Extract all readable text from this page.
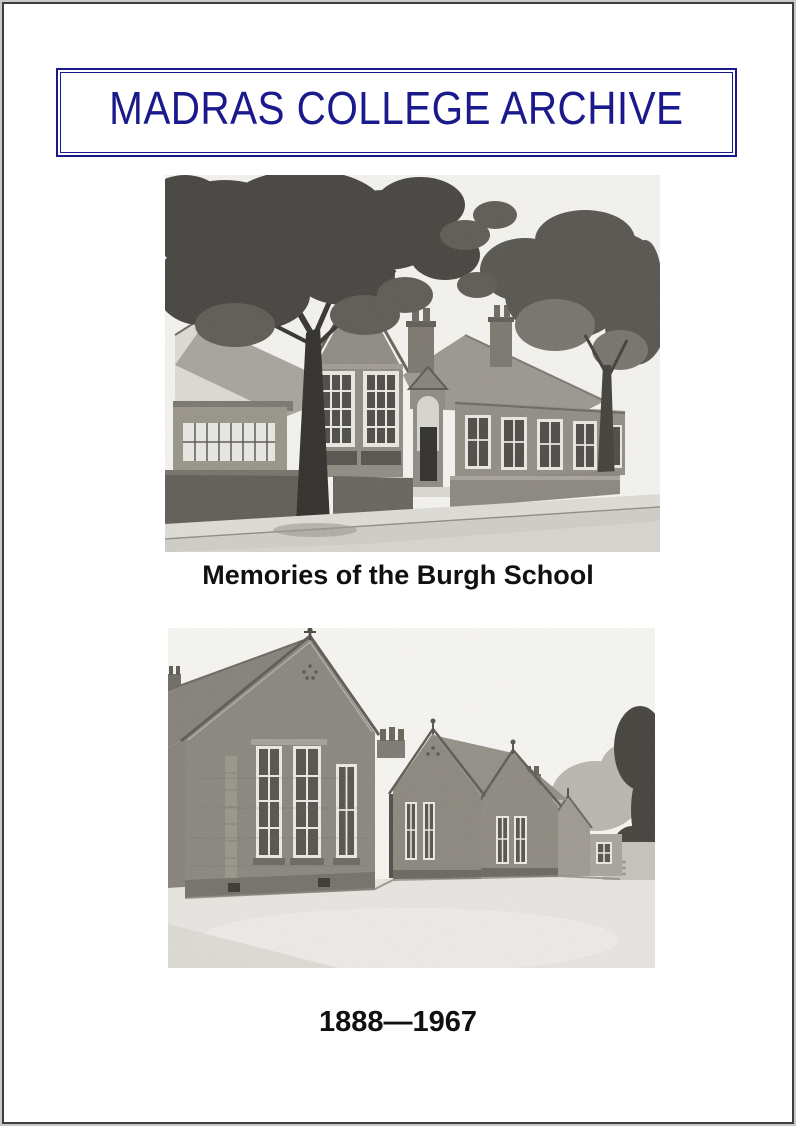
MADRAS COLLEGE ARCHIVE
Memories of the Burgh School
1888—1967
